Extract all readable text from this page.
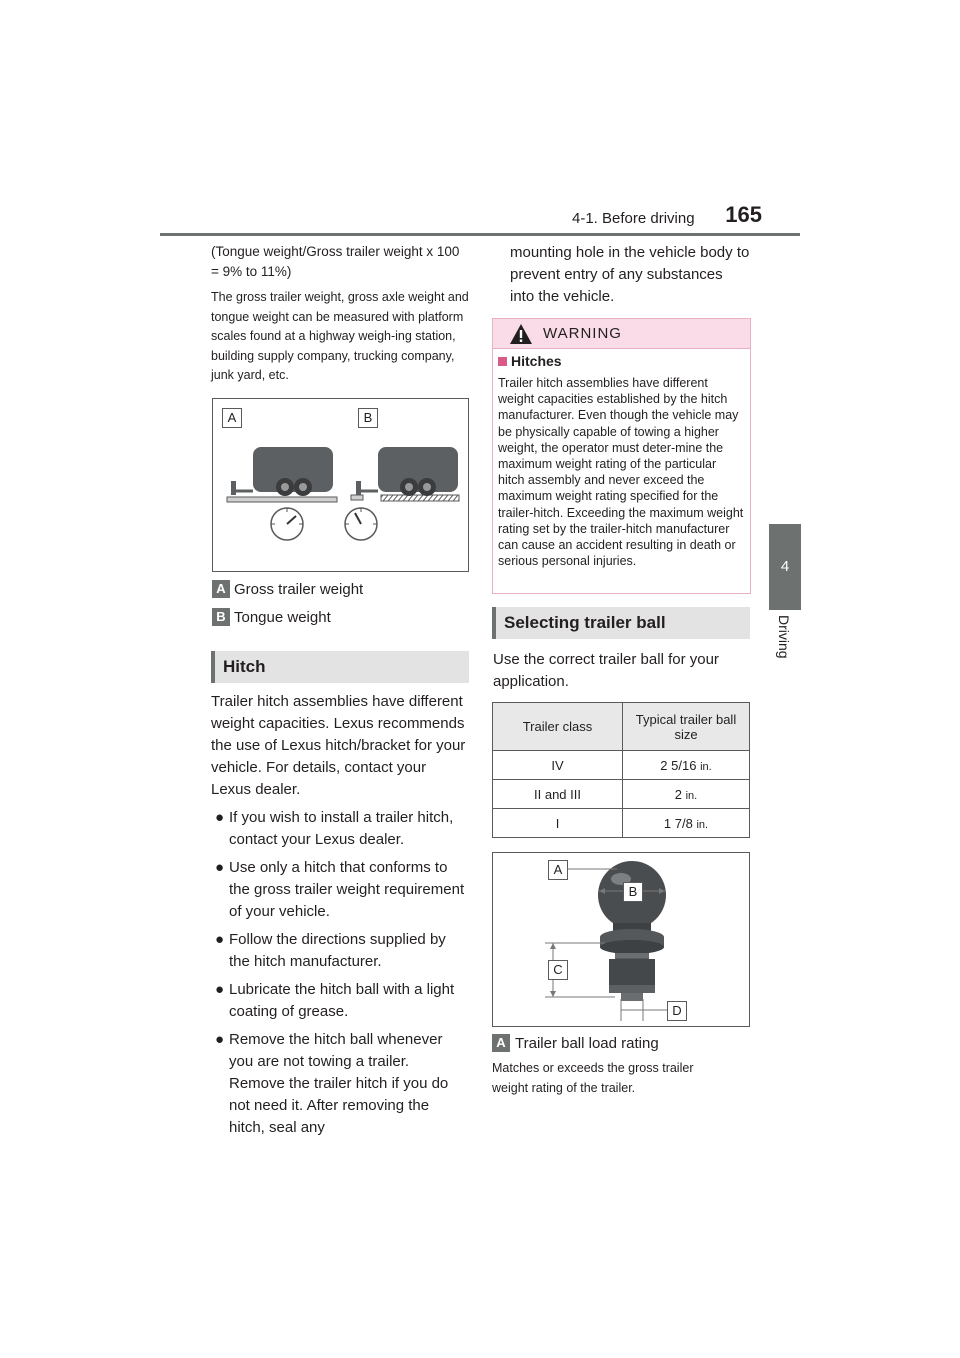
4-1. Before driving	165
4
Driving
(Tongue weight/Gross trailer weight x 100 = 9% to 11%)
The gross trailer weight, gross axle weight and tongue weight can be measured with platform scales found at a highway weigh-ing station, building supply company, trucking company, junk yard, etc.
A	B
A Gross trailer weight
B Tongue weight
Hitch
Trailer hitch assemblies have different weight capacities. Lexus recommends the use of Lexus hitch/bracket for your vehicle. For details, contact your Lexus dealer.
● If you wish to install a trailer hitch, contact your Lexus dealer.
● Use only a hitch that conforms to the gross trailer weight requirement of your vehicle.
● Follow the directions supplied by the hitch manufacturer.
● Lubricate the hitch ball with a light coating of grease.
● Remove the hitch ball whenever you are not towing a trailer. Remove the trailer hitch if you do not need it. After removing the hitch, seal any
mounting hole in the vehicle body to prevent entry of any substances into the vehicle.
WARNING
Hitches
Trailer hitch assemblies have different weight capacities established by the hitch manufacturer. Even though the vehicle may be physically capable of towing a higher weight, the operator must deter-mine the maximum weight rating of the particular hitch assembly and never exceed the maximum weight rating specified for the trailer-hitch. Exceeding the maximum weight rating set by the trailer-hitch manufacturer can cause an accident resulting in death or serious personal injuries.
Selecting trailer ball
Use the correct trailer ball for your application.
Trailer class	Typical trailer ball size
IV	2 5/16 in.
II and III	2 in.
I	1 7/8 in.
A
B
C
D
A Trailer ball load rating
Matches or exceeds the gross trailer weight rating of the trailer.
